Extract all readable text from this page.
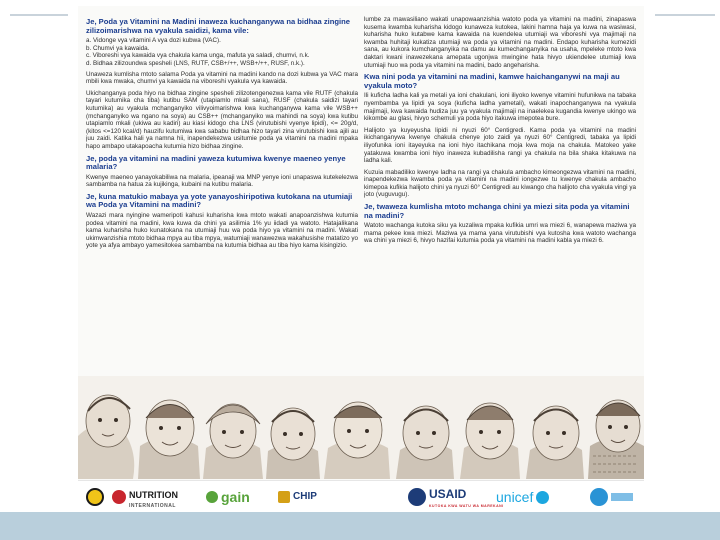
Je, Poda ya Vitamini na Madini inaweza kuchanganywa na bidhaa zingine zilizoimarishwa na vyakula saidizi, kama vile:
a. Vidonge vya vitamini A vya dozi kubwa (VAC).
b. Chumvi ya kawaida.
c. Viboreshi vya kawaida vya chakula kama unga, mafuta ya saladi, chumvi, n.k.
d. Bidhaa zilizoundwa spesheli (LNS, RUTF, CSB+/++, WSB+/++, RUSF, n.k.).
Unaweza kumlisha mtoto salama Poda ya vitamini na madini kando na dozi kubwa ya VAC mara mbili kwa mwaka, chumvi ya kawaida na viboreshi vyakula vya kawaida.
Ukichanganya poda hiyo na bidhaa zingine spesheli zilizotengenezwa kama vile RUTF (chakula tayari kutumika cha tiba) kutibu SAM (utapiamlo mkali sana), RUSF (chakula saidizi tayari kutumika) au vyakula mchanganyiko vilivyoimarishwa kwa kuchanganywa kama vile WSB++ (mchanganyiko wa ngano na soya) au CSB++ (mchanganyiko wa mahindi na soya) kwa kutibu utapiamlo mkali (ukiwa au kadiri) au kiasi kidogo cha LNS (virutubishi vyenye lipidi), <= 20g/d, (kitos <=120 kcal/d) hauzifu kutumiwa kwa sababu bidhaa hizo tayari zina virutubishi kwa ajili au juu zaidi. Katika hali ya namna hii, inapendekezwa usitumie poda ya vitamini na madini mpaka hapo ambapo utakapoacha kutumia hizo bidhaa zingine.
Je, poda ya vitamini na madini yaweza kutumiwa kwenye maeneo yenye malaria?
Kwenye maeneo yanayokabiliwa na malaria, ipeanaji wa MNP yenye ioni unapaswa kutekelezwa sambamba na hatua za kujikinga, kubaini na kutibu malaria.
Je, kuna matukio mabaya ya yote yanayoshiripotiwa kutokana na utumiaji wa Poda ya Vitamini na madini?
Wazazi mara nyingine wameripoti kahusi kuharisha kwa mtoto wakati anapoanzishwa kutumia podea vitamini na madini, kwa kuwa da chini ya asilimia 1% yu iidadi ya watoto. Hatajalikana kama kuharisha huko kunatokana na utumiaji huu wa poda hiyo ya vitamini na madini. Wakati ukimwanzishia mtoto bidhaa mpya au tiba mpya, watumiaji wanawezwa wakahusishe matatizo yo yote ya afya ambayo yamesitokea sambamba na kutumia bidhaa au tiba hiyo kama kisingizio.
lumbe za mawasiliano wakati unapowaanzishia watoto poda ya vitamini na madini, zinapaswa kusema kwamba kuharisha kidogo kunaweza kutokea, lakini hamna haja ya kuwa na wasiwasi, kuharisha huko kutabwe kama kawaida na kuendelea utumiaji wa viboreshi vya majimaji na kwamba huhitaji kukatiza utumiaji wa poda ya vitamini na madini. Endapo kuharisha kumezidi sana, au kukora kumchanganyika na damu au kumechanganyika na usaha, mpeleke mtoto kwa daktari kwani inawezekana amepata ugonjwa mwingine hata hivyo ukiendelee utumiaji kwa utumiaji huo wa poda ya vitamini na madini, bado angeharisha.
Kwa nini poda ya vitamini na madini, kamwe haichanganywi na maji au vyakula moto?
Ili kuficha ladha kali ya metali ya ioni chakulani, ioni iliyoko kwenye vitamini hufunikwa na tabaka nyembamba ya lipidi ya soya (kuficha ladha yametali), wakati inapochanganywa na vyakula majimaji, kwa kawaida hudiza juu ya vyakula majimaji na inaelekea kugandia kwenye ukingo wa kikombe au glasi, hivyo schemuli ya poda hiyo itakuwa imepotea bure.
Halijoto ya kuyeyusha lipidi ni nyuzi 60° Centigredi. Kama poda ya vitamini na madini ikichanganywa kwenye chakula chenye joto zaidi ya nyuzi 60° Centigredi, tabaka ya lipidi iliyofunika ioni itayeyuka na ioni hiyo itachikana moja kwa moja na chakula. Matokeo yake yatakuwa kwamba ioni hiyo inaweza kubadilisha rangi ya chakula na bila shaka kitakuwa na ladha kali.
Kuzuia mabadiliko kwenye ladha na rangi ya chakula ambacho kimeongezwa vitamini na madini, inapendekezwa kwamba poda ya vitamini na madini iongezwe tu kwenye chakula ambacho kimepoa kufikia halijoto chini ya nyuzi 60° Centigredi au kiwango cha halijoto cha vyakula vingi ya joto (vuguvugu).
Je, twaweza kumlisha mtoto mchanga chini ya miezi sita poda ya vitamini na madini?
Watoto wachanga kutoka siku ya kuzaliwa mpaka kufikia umri wa miezi 6, wanapewa maziwa ya mama pekee kwa miezi. Maziwa ya mama yana virutubishi vya kutosha kwa watoto wachanga wa chini ya miezi 6, hivyo hazifai kutumia poda ya vitamini na madini kabla ya miezi 6.
NUTRITION
INTERNATIONAL
gain	CHIP	USAID
KUTOKA KWA WATU WA MAREKANI
unicef
